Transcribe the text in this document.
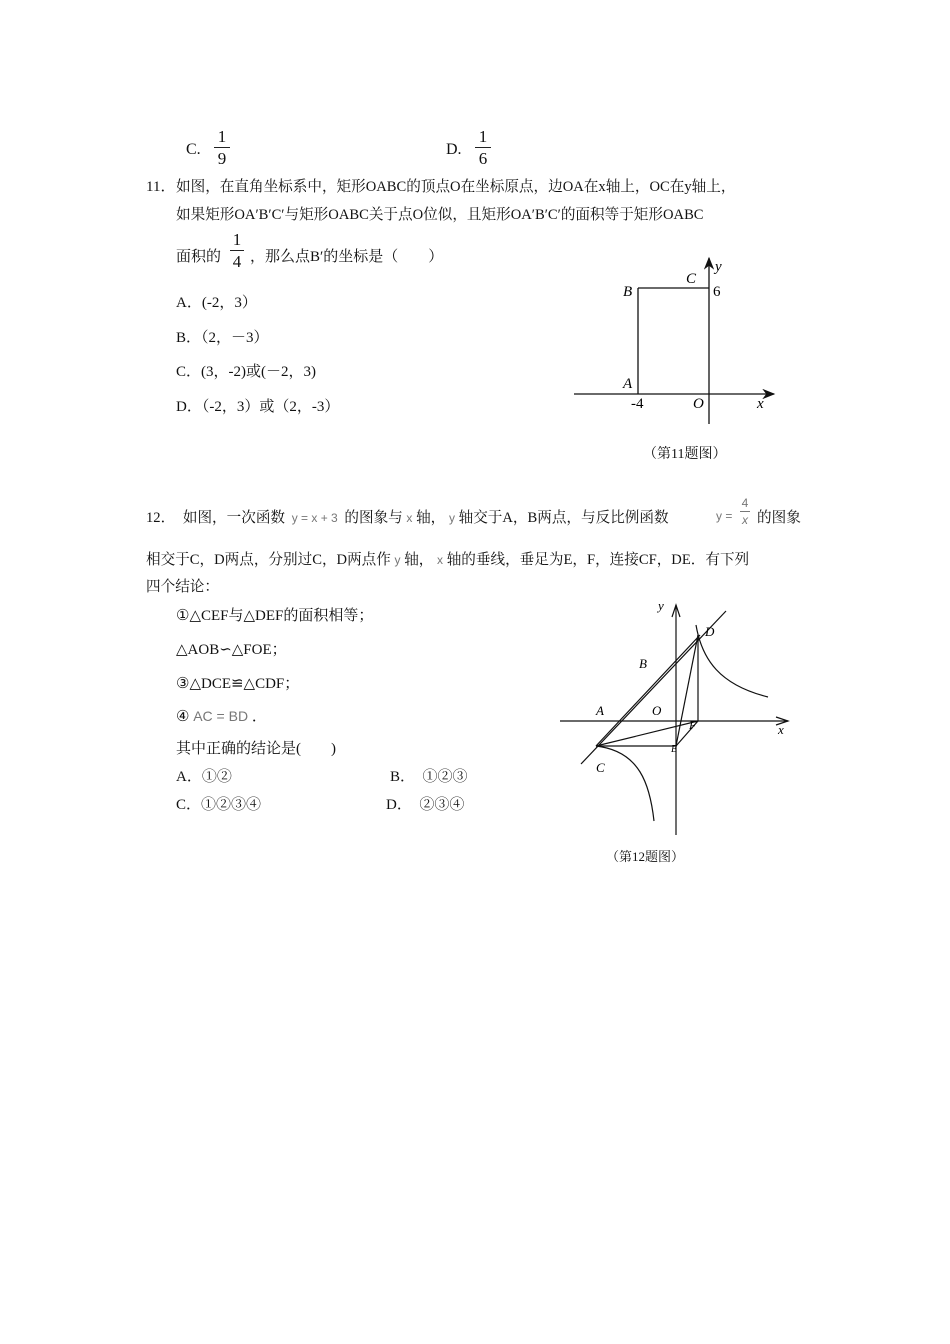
C.
1
9	D.
1
6
11． 如图，在直角坐标系中，矩形OABC的顶点O在坐标原点，边OA在x轴上，OC在y轴上，
如果矩形OA′B′C′与矩形OABC关于点O位似，且矩形OA′B′C′的面积等于矩形OABC
面积的
1
4 ，那么点B′的坐标是（　　）
A．(-2，3）
B．（2，－3）
C．(3，-2)或(－2，3)
D．（-2，3）或（2，-3）
B
C
y
6
A
-4	O	x
（第11题图）
12． 如图，一次函数 y = x + 3 的图象与 x 轴， y 轴交于A，B两点，与反比例函数	y =
4
x 的图象
相交于C，D两点，分别过C，D两点作 y 轴， x 轴的垂线，垂足为E，F，连接CF，DE．有下列
四个结论：
①△CEF与△DEF的面积相等；
△AOB∽△FOE；
③△DCE≌△CDF；
④ AC = BD ．
其中正确的结论是(　　)
A．①②	B．　①②③
C．①②③④	D．　②③④
y
D
B
A	O
F	x
E
C
（第12题图）
